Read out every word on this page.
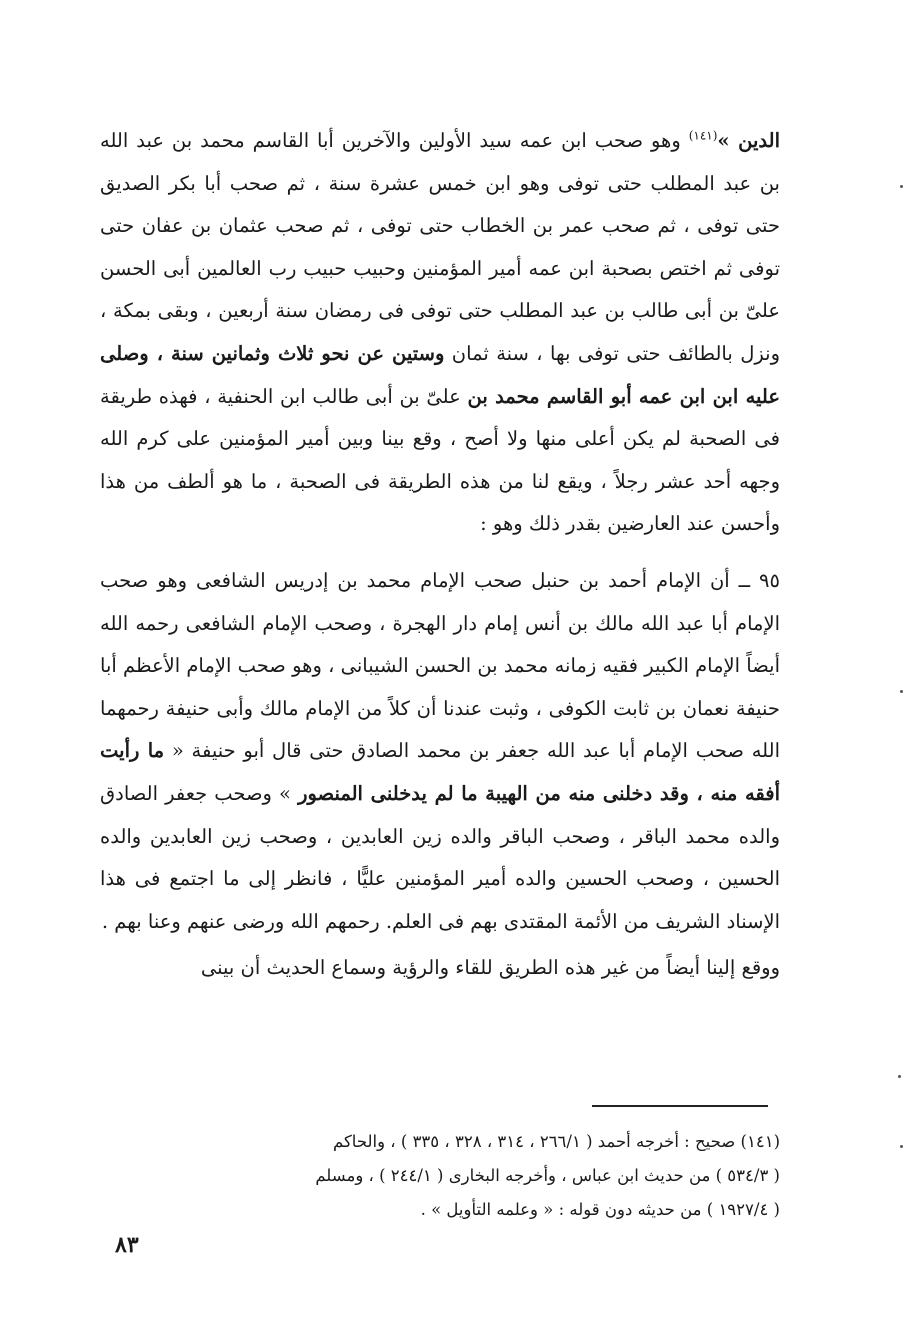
الدين »$^{(١٤١)}$ وهو صحب ابن عمه سيد الأولين والآخرين أبا القاسم محمد بن عبد الله بن عبد المطلب حتى توفى وهو ابن خمس عشرة سنة ، ثم صحب أبا بكر الصديق حتى توفى ، ثم صحب عمر بن الخطاب حتى توفى ، ثم صحب عثمان بن عفان حتى توفى ثم اختص بصحبة ابن عمه أمير المؤمنين وحبيب حبيب رب العالمين أبى الحسن علىّ بن أبى طالب بن عبد المطلب حتى توفى فى رمضان سنة أربعين ، وبقى بمكة ، ونزل بالطائف حتى توفى بها ، سنة ثمان وستين عن نحو ثلاث وثمانين سنة ، وصلى عليه ابن ابن عمه أبو القاسم محمد بن علىّ بن أبى طالب ابن الحنفية ، فهذه طريقة فى الصحبة لم يكن أعلى منها ولا أصح ، وقع بينا وبين أمير المؤمنين على كرم الله وجهه أحد عشر رجلاً ، ويقع لنا من هذه الطريقة فى الصحبة ، ما هو ألطف من هذا وأحسن عند العارضين بقدر ذلك وهو :

٩٥ ــ أن الإمام أحمد بن حنبل صحب الإمام محمد بن إدريس الشافعى وهو صحب الإمام أبا عبد الله مالك بن أنس إمام دار الهجرة ، وصحب الإمام الشافعى رحمه الله أيضاً الإمام الكبير فقيه زمانه محمد بن الحسن الشيبانى ، وهو صحب الإمام الأعظم أبا حنيفة نعمان بن ثابت الكوفى ، وثبت عندنا أن كلاً من الإمام مالك وأبى حنيفة رحمهما الله صحب الإمام أبا عبد الله جعفر بن محمد الصادق حتى قال أبو حنيفة « ما رأيت أفقه منه ، وقد دخلنى منه من الهيبة ما لم يدخلنى المنصور » وصحب جعفر الصادق والده محمد الباقر ، وصحب الباقر والده زين العابدين ، وصحب زين العابدين والده الحسين ، وصحب الحسين والده أمير المؤمنين عليًّا ، فانظر إلى ما اجتمع فى هذا الإسناد الشريف من الأئمة المقتدى بهم فى العلم. رحمهم الله ورضى عنهم وعنا بهم .

ووقع إلينا أيضاً من غير هذه الطريق للقاء والرؤية وسماع الحديث أن بينى

(١٤١) صحيح : أخرجه أحمد ( ٢٦٦/١ ، ٣١٤ ، ٣٢٨ ، ٣٣٥ ) ، والحاكم
( ٥٣٤/٣ ) من حديث ابن عباس ، وأخرجه البخارى ( ٢٤٤/١ ) ، ومسلم
( ١٩٢٧/٤ ) من حديثه دون قوله : « وعلمه التأويل » .
٨٣
